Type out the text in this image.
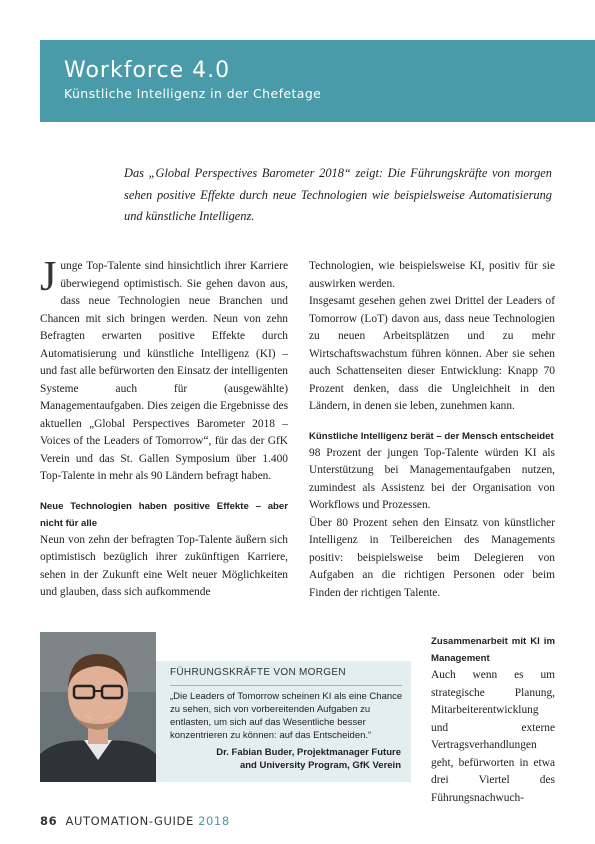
Workforce 4.0
Künstliche Intelligenz in der Chefetage
Das „Global Perspectives Barometer 2018“ zeigt: Die Führungskräfte von morgen sehen positive Effekte durch neue Technologien wie beispielsweise Automatisierung und künstliche Intelligenz.

Junge Top-Talente sind hinsichtlich ihrer Karriere überwiegend optimistisch. Sie gehen davon aus, dass neue Technologien neue Branchen und Chancen mit sich bringen werden. Neun von zehn Befragten erwarten positive Effekte durch Automatisierung und künstliche Intelligenz (KI) – und fast alle befürworten den Einsatz der intelligenten Systeme auch für (ausgewählte) Managementaufgaben. Dies zeigen die Ergebnisse des aktuellen „Global Perspectives Barometer 2018 – Voices of the Leaders of Tomorrow“, für das der GfK Verein und das St. Gallen Symposium über 1.400 Top-Talente in mehr als 90 Ländern befragt haben.

Neue Technologien haben positive Effekte – aber nicht für alle

Neun von zehn der befragten Top-Talente äußern sich optimistisch bezüglich ihrer zukünftigen Karriere, sehen in der Zukunft eine Welt neuer Möglichkeiten und glauben, dass sich aufkommende

Technologien, wie beispielsweise KI, positiv für sie auswirken werden.

Insgesamt gesehen gehen zwei Drittel der Leaders of Tomorrow (LoT) davon aus, dass neue Technologien zu neuen Arbeitsplätzen und zu mehr Wirtschaftswachstum führen können. Aber sie sehen auch Schattenseiten dieser Entwicklung: Knapp 70 Prozent denken, dass die Ungleichheit in den Ländern, in denen sie leben, zunehmen kann.

Künstliche Intelligenz berät – der Mensch entscheidet

98 Prozent der jungen Top-Talente würden KI als Unterstützung bei Managementaufgaben nutzen, zumindest als Assistenz bei der Organisation von Workflows und Prozessen.

Über 80 Prozent sehen den Einsatz von künstlicher Intelligenz in Teilbereichen des Managements positiv: beispielsweise beim Delegieren von Aufgaben an die richtigen Personen oder beim Finden der richtigen Talente.

Zusammenarbeit mit KI im Management

Auch wenn es um strategische Planung, Mitarbeiterentwicklung und externe Vertragsverhandlungen geht, befürworten in etwa drei Viertel des Führungsnachwuch-

FÜHRUNGSKRÄFTE VON MORGEN
„Die Leaders of Tomorrow scheinen KI als eine Chance zu sehen, sich von vorbereitenden Aufgaben zu entlasten, um sich auf das Wesentliche besser konzentrieren zu können: auf das Entscheiden.“
Dr. Fabian Buder, Projektmanager Future
and University Program, GfK Verein
86 AUTOMATION-GUIDE 2018
